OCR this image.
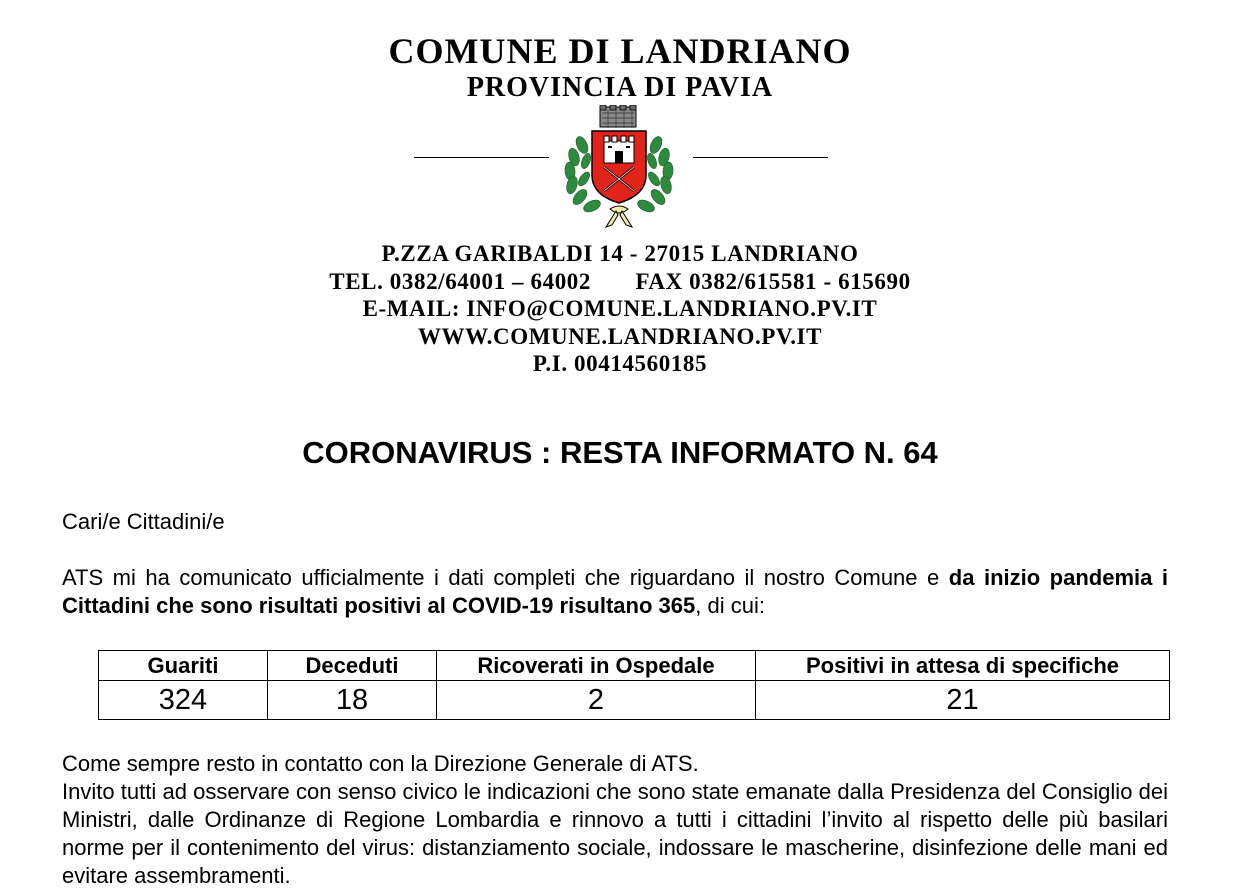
COMUNE DI LANDRIANO
PROVINCIA DI PAVIA
P.ZZA GARIBALDI 14 - 27015 LANDRIANO
TEL. 0382/64001 – 64002       FAX 0382/615581 - 615690
E-MAIL: INFO@COMUNE.LANDRIANO.PV.IT
WWW.COMUNE.LANDRIANO.PV.IT
P.I. 00414560185
CORONAVIRUS : RESTA INFORMATO N. 64

Cari/e Cittadini/e

ATS mi ha comunicato ufficialmente i dati completi che riguardano il nostro Comune e da inizio pandemia i Cittadini che sono risultati positivi al COVID-19 risultano 365, di cui:

Guariti	Deceduti	Ricoverati in Ospedale	Positivi in attesa di specifiche
324	18	2	21
Come sempre resto in contatto con la Direzione Generale di ATS.
Invito tutti ad osservare con senso civico le indicazioni che sono state emanate dalla Presidenza del Consiglio dei Ministri, dalle Ordinanze di Regione Lombardia e rinnovo a tutti i cittadini l’invito al rispetto delle più basilari norme per il contenimento del virus: distanziamento sociale, indossare le mascherine, disinfezione delle mani ed evitare assembramenti.
